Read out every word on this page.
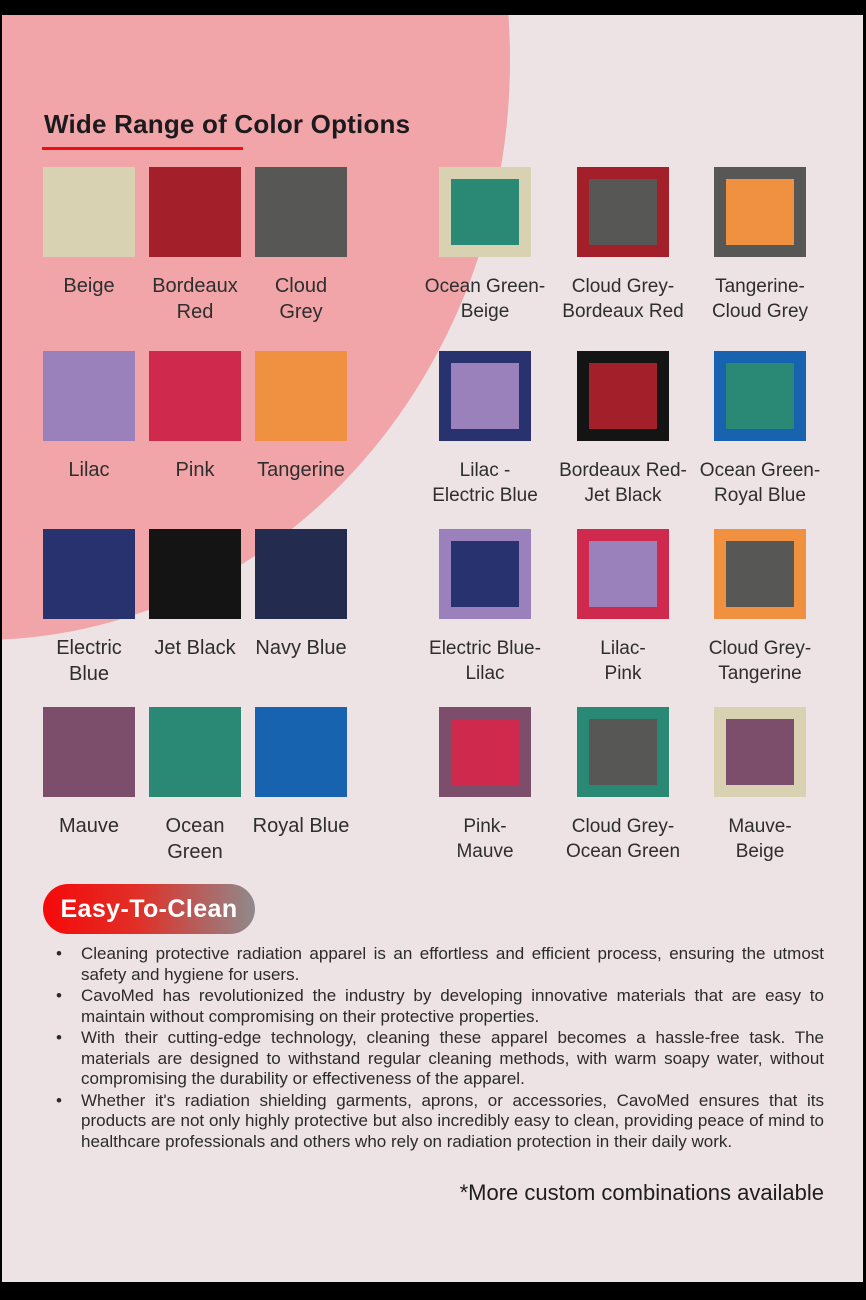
Wide Range of Color Options
Beige	Bordeaux
Red
Cloud
Grey
Lilac	Pink	Tangerine
Electric
Blue
Jet Black Navy Blue
Mauve	Ocean
Green
Royal Blue
Ocean Green-
Beige
Cloud Grey-
Bordeaux Red
Tangerine-
Cloud Grey
Lilac -
Electric Blue
Bordeaux Red-
Jet Black
Ocean Green-
Royal Blue
Electric Blue-
Lilac
Lilac-
Pink
Cloud Grey-
Tangerine
Pink-
Mauve
Cloud Grey-
Ocean Green
Mauve-
Beige
Easy-To-Clean
• Cleaning protective radiation apparel is an effortless and efficient process, ensuring the utmost safety and hygiene for users.
• CavoMed has revolutionized the industry by developing innovative materials that are easy to maintain without compromising on their protective properties.
• With their cutting-edge technology, cleaning these apparel becomes a hassle-free task. The materials are designed to withstand regular cleaning methods, with warm soapy water, without compromising the durability or effectiveness of the apparel.
• Whether it's radiation shielding garments, aprons, or accessories, CavoMed ensures that its products are not only highly protective but also incredibly easy to clean, providing peace of mind to healthcare professionals and others who rely on radiation protection in their daily work.
*More custom combinations available
